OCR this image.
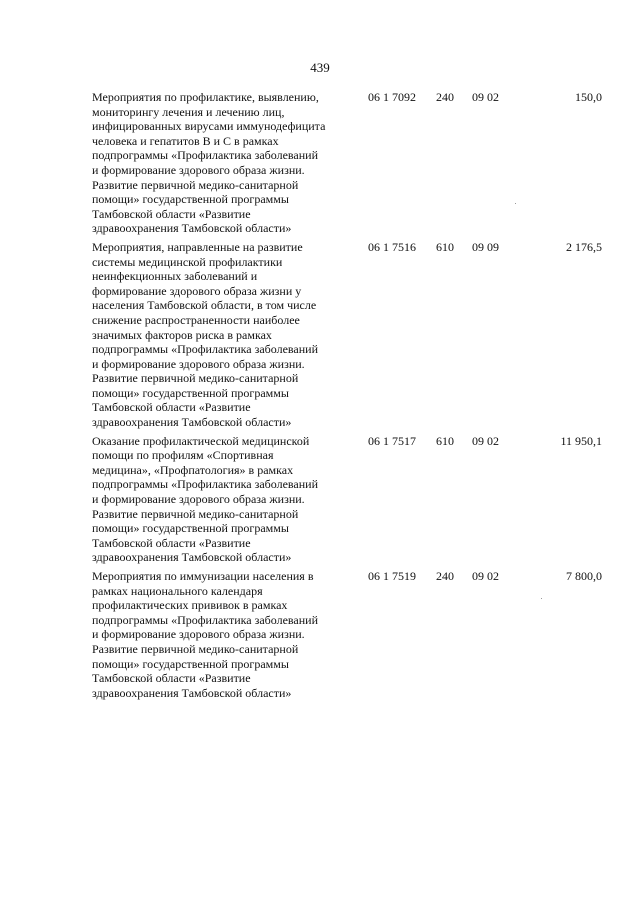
439
Мероприятия по профилактике, выявлению,
мониторингу лечения и лечению лиц,
инфицированных вирусами иммунодефицита
человека и гепатитов В и С в рамках
подпрограммы «Профилактика заболеваний
и формирование здорового образа жизни.
Развитие первичной медико-санитарной
помощи» государственной программы
Тамбовской области «Развитие
здравоохранения Тамбовской области»
06 1 7092	240	09 02	150,0
Мероприятия, направленные на развитие
системы медицинской профилактики
неинфекционных заболеваний и
формирование здорового образа жизни у
населения Тамбовской области, в том числе
снижение распространенности наиболее
значимых факторов риска в рамках
подпрограммы «Профилактика заболеваний
и формирование здорового образа жизни.
Развитие первичной медико-санитарной
помощи» государственной программы
Тамбовской области «Развитие
здравоохранения Тамбовской области»
06 1 7516	610	09 09	2 176,5
Оказание профилактической медицинской
помощи по профилям «Спортивная
медицина», «Профпатология» в рамках
подпрограммы «Профилактика заболеваний
и формирование здорового образа жизни.
Развитие первичной медико-санитарной
помощи» государственной программы
Тамбовской области «Развитие
здравоохранения Тамбовской области»
06 1 7517	610	09 02	11 950,1
Мероприятия по иммунизации населения в
рамках национального календаря
профилактических прививок в рамках
подпрограммы «Профилактика заболеваний
и формирование здорового образа жизни.
Развитие первичной медико-санитарной
помощи» государственной программы
Тамбовской области «Развитие
здравоохранения Тамбовской области»
06 1 7519	240	09 02	7 800,0
